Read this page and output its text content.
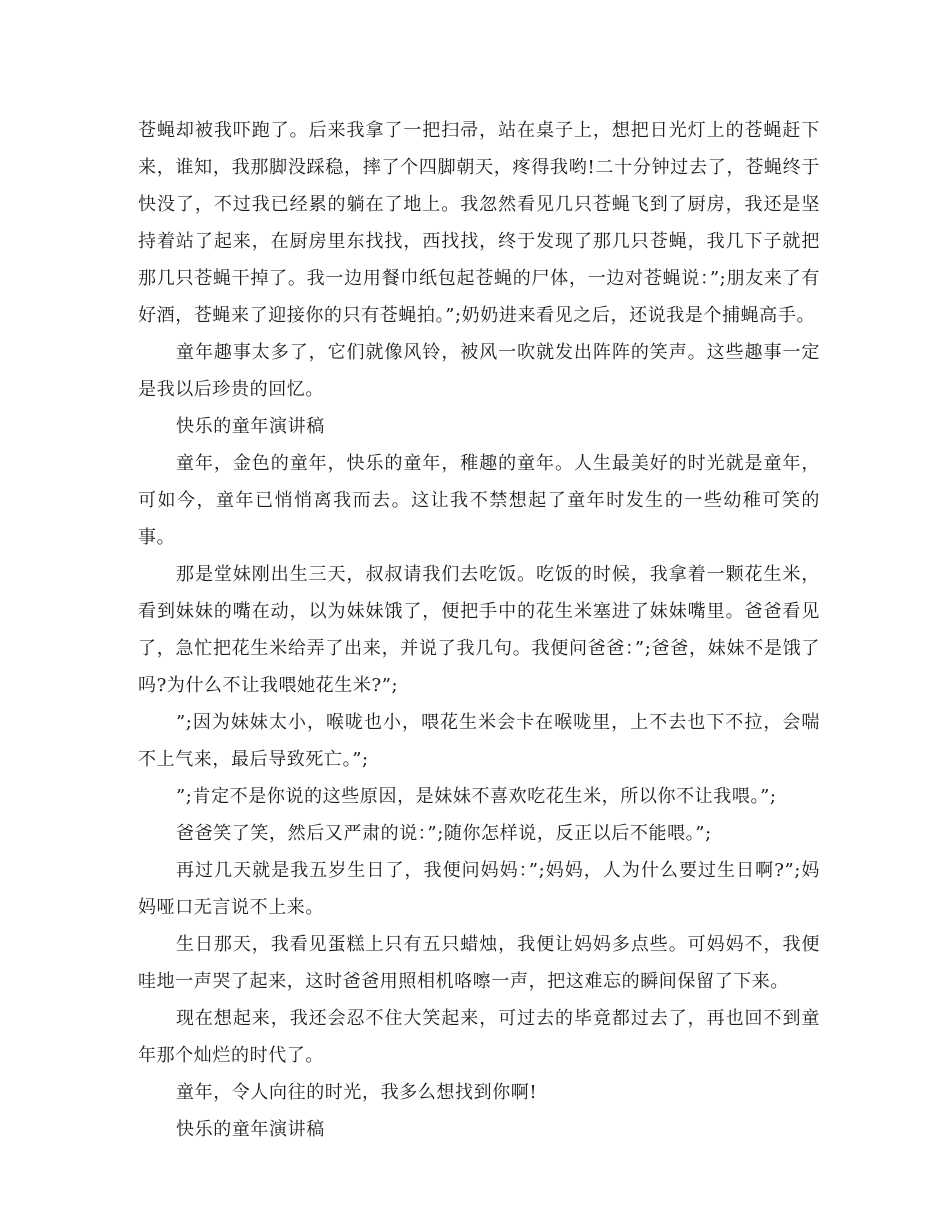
苍蝇却被我吓跑了。后来我拿了一把扫帚，站在桌子上，想把日光灯上的苍蝇赶下来，谁知，我那脚没踩稳，摔了个四脚朝天，疼得我哟!二十分钟过去了，苍蝇终于快没了，不过我已经累的躺在了地上。我忽然看见几只苍蝇飞到了厨房，我还是坚持着站了起来，在厨房里东找找，西找找，终于发现了那几只苍蝇，我几下子就把那几只苍蝇干掉了。我一边用餐巾纸包起苍蝇的尸体，一边对苍蝇说：”;朋友来了有好酒，苍蝇来了迎接你的只有苍蝇拍。”;奶奶进来看见之后，还说我是个捕蝇高手。

童年趣事太多了，它们就像风铃，被风一吹就发出阵阵的笑声。这些趣事一定是我以后珍贵的回忆。

快乐的童年演讲稿

童年，金色的童年，快乐的童年，稚趣的童年。人生最美好的时光就是童年，可如今，童年已悄悄离我而去。这让我不禁想起了童年时发生的一些幼稚可笑的事。

那是堂妹刚出生三天，叔叔请我们去吃饭。吃饭的时候，我拿着一颗花生米，看到妹妹的嘴在动，以为妹妹饿了，便把手中的花生米塞进了妹妹嘴里。爸爸看见了，急忙把花生米给弄了出来，并说了我几句。我便问爸爸：”;爸爸，妹妹不是饿了吗?为什么不让我喂她花生米?”;

”;因为妹妹太小，喉咙也小，喂花生米会卡在喉咙里，上不去也下不拉，会喘不上气来，最后导致死亡。”;

”;肯定不是你说的这些原因，是妹妹不喜欢吃花生米，所以你不让我喂。”;

爸爸笑了笑，然后又严肃的说：”;随你怎样说，反正以后不能喂。”;

再过几天就是我五岁生日了，我便问妈妈：”;妈妈，人为什么要过生日啊?”;妈妈哑口无言说不上来。

生日那天，我看见蛋糕上只有五只蜡烛，我便让妈妈多点些。可妈妈不，我便哇地一声哭了起来，这时爸爸用照相机咯嚓一声，把这难忘的瞬间保留了下来。

现在想起来，我还会忍不住大笑起来，可过去的毕竟都过去了，再也回不到童年那个灿烂的时代了。

童年，令人向往的时光，我多么想找到你啊!

快乐的童年演讲稿
